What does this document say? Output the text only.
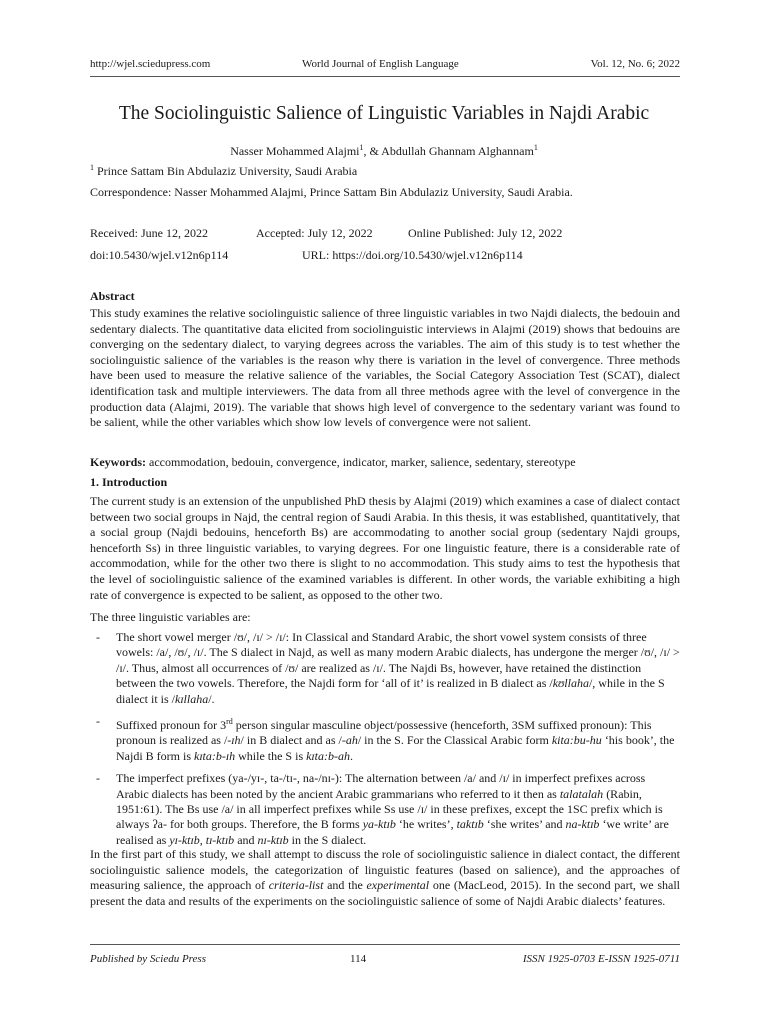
http://wjel.sciedupress.com	World Journal of English Language	Vol. 12, No. 6; 2022
The Sociolinguistic Salience of Linguistic Variables in Najdi Arabic
Nasser Mohammed Alajmi$^1$, & Abdullah Ghannam Alghannam$^1$
$^1$ Prince Sattam Bin Abdulaziz University, Saudi Arabia
Correspondence: Nasser Mohammed Alajmi, Prince Sattam Bin Abdulaziz University, Saudi Arabia.
Received: June 12, 2022	Accepted: July 12, 2022	Online Published: July 12, 2022
doi:10.5430/wjel.v12n6p114	URL: https://doi.org/10.5430/wjel.v12n6p114
Abstract

This study examines the relative sociolinguistic salience of three linguistic variables in two Najdi dialects, the bedouin and sedentary dialects. The quantitative data elicited from sociolinguistic interviews in Alajmi (2019) shows that bedouins are converging on the sedentary dialect, to varying degrees across the variables. The aim of this study is to test whether the sociolinguistic salience of the variables is the reason why there is variation in the level of convergence. Three methods have been used to measure the relative salience of the variables, the Social Category Association Test (SCAT), dialect identification task and multiple interviewers. The data from all three methods agree with the level of convergence in the production data (Alajmi, 2019). The variable that shows high level of convergence to the sedentary variant was found to be salient, while the other variables which show low levels of convergence were not salient.

Keywords: accommodation, bedouin, convergence, indicator, marker, salience, sedentary, stereotype
1. Introduction

The current study is an extension of the unpublished PhD thesis by Alajmi (2019) which examines a case of dialect contact between two social groups in Najd, the central region of Saudi Arabia. In this thesis, it was established, quantitatively, that a social group (Najdi bedouins, henceforth Bs) are accommodating to another social group (sedentary Najdi groups, henceforth Ss) in three linguistic variables, to varying degrees. For one linguistic feature, there is a considerable rate of accommodation, while for the other two there is slight to no accommodation. This study aims to test the hypothesis that the level of sociolinguistic salience of the examined variables is different. In other words, the variable exhibiting a high rate of convergence is expected to be salient, as opposed to the other two.

The three linguistic variables are:

- The short vowel merger /ʊ/, /ɪ/ > /ɪ/: In Classical and Standard Arabic, the short vowel system consists of three vowels: /a/, /ʊ/, /ɪ/. The S dialect in Najd, as well as many modern Arabic dialects, has undergone the merger /ʊ/, /ɪ/ > /ɪ/. Thus, almost all occurrences of /ʊ/ are realized as /ɪ/. The Najdi Bs, however, have retained the distinction between the two vowels. Therefore, the Najdi form for ‘all of it’ is realized in B dialect as /kʊllaha/, while in the S dialect it is /kɪllaha/.
- Suffixed pronoun for 3rd person singular masculine object/possessive (henceforth, 3SM suffixed pronoun): This pronoun is realized as /-ɪh/ in B dialect and as /-ah/ in the S. For the Classical Arabic form kita:bu-hu ‘his book’, the Najdi B form is kɪta:b-ɪh while the S is kɪta:b-ah.
- The imperfect prefixes (ya-/yɪ-, ta-/tɪ-, na-/nɪ-): The alternation between /a/ and /ɪ/ in imperfect prefixes across Arabic dialects has been noted by the ancient Arabic grammarians who referred to it then as talatalah (Rabin, 1951:61). The Bs use /a/ in all imperfect prefixes while Ss use /ɪ/ in these prefixes, except the 1SC prefix which is always ʔa- for both groups. Therefore, the B forms ya-ktɪb ‘he writes’, taktɪb ‘she writes’ and na-ktɪb ‘we write’ are realised as yɪ-ktɪb, tɪ-ktɪb and nɪ-ktɪb in the S dialect.

In the first part of this study, we shall attempt to discuss the role of sociolinguistic salience in dialect contact, the different sociolinguistic salience models, the categorization of linguistic features (based on salience), and the approaches of measuring salience, the approach of criteria-list and the experimental one (MacLeod, 2015). In the second part, we shall present the data and results of the experiments on the sociolinguistic salience of some of Najdi Arabic dialects’ features.

Published by Sciedu Press	114	ISSN 1925-0703 E-ISSN 1925-0711
